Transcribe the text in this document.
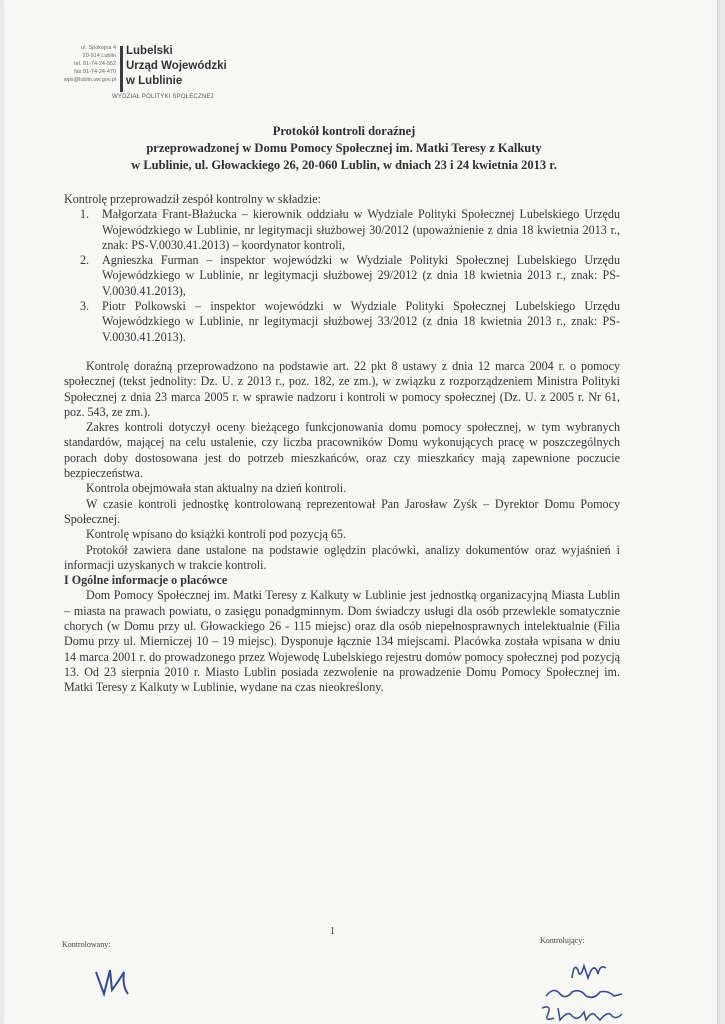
ul. Spokojna 4
20-914 Lublin
tel. 81-74-24-552
fax 81-74-24-470
wps@lublin.uw.gov.pl
Lubelski
Urząd Wojewódzki
w Lublinie
WYDZIAŁ POLITYKI SPOŁECZNEJ
Protokół kontroli doraźnej
przeprowadzonej w Domu Pomocy Społecznej im. Matki Teresy z Kalkuty
w Lublinie, ul. Głowackiego 26, 20-060 Lublin, w dniach 23 i 24 kwietnia 2013 r.

Kontrolę przeprowadził zespół kontrolny w składzie:

1. Małgorzata Frant-Błażucka – kierownik oddziału w Wydziale Polityki Społecznej Lubelskiego Urzędu Wojewódzkiego w Lublinie, nr legitymacji służbowej 30/2012 (upoważnienie z dnia 18 kwietnia 2013 r., znak: PS-V.0030.41.2013) – koordynator kontroli,
2. Agnieszka Furman – inspektor wojewódzki w Wydziale Polityki Społecznej Lubelskiego Urzędu Wojewódzkiego w Lublinie, nr legitymacji służbowej 29/2012 (z dnia 18 kwietnia 2013 r., znak: PS-V.0030.41.2013),
3. Piotr Polkowski – inspektor wojewódzki w Wydziale Polityki Społecznej Lubelskiego Urzędu Wojewódzkiego w Lublinie, nr legitymacji służbowej 33/2012 (z dnia 18 kwietnia 2013 r., znak: PS-V.0030.41.2013).

Kontrolę doraźną przeprowadzono na podstawie art. 22 pkt 8 ustawy z dnia 12 marca 2004 r. o pomocy społecznej (tekst jednolity: Dz. U. z 2013 r., poz. 182, ze zm.), w związku z rozporządzeniem Ministra Polityki Społecznej z dnia 23 marca 2005 r. w sprawie nadzoru i kontroli w pomocy społecznej (Dz. U. z 2005 r. Nr 61, poz. 543, ze zm.).

Zakres kontroli dotyczył oceny bieżącego funkcjonowania domu pomocy społecznej, w tym wybranych standardów, mającej na celu ustalenie, czy liczba pracowników Domu wykonujących pracę w poszczególnych porach doby dostosowana jest do potrzeb mieszkańców, oraz czy mieszkańcy mają zapewnione poczucie bezpieczeństwa.

Kontrola obejmowała stan aktualny na dzień kontroli.

W czasie kontroli jednostkę kontrolowaną reprezentował Pan Jarosław Zyśk – Dyrektor Domu Pomocy Społecznej.

Kontrolę wpisano do książki kontroli pod pozycją 65.

Protokół zawiera dane ustalone na podstawie oględzin placówki, analizy dokumentów oraz wyjaśnień i informacji uzyskanych w trakcie kontroli.

I Ogólne informacje o placówce

Dom Pomocy Społecznej im. Matki Teresy z Kalkuty w Lublinie jest jednostką organizacyjną Miasta Lublin – miasta na prawach powiatu, o zasięgu ponadgminnym. Dom świadczy usługi dla osób przewlekle somatycznie chorych (w Domu przy ul. Głowackiego 26 - 115 miejsc) oraz dla osób niepełnosprawnych intelektualnie (Filia Domu przy ul. Mierniczej 10 – 19 miejsc). Dysponuje łącznie 134 miejscami. Placówka została wpisana w dniu 14 marca 2001 r. do prowadzonego przez Wojewodę Lubelskiego rejestru domów pomocy społecznej pod pozycją 13. Od 23 sierpnia 2010 r. Miasto Lublin posiada zezwolenie na prowadzenie Domu Pomocy Społecznej im. Matki Teresy z Kalkuty w Lublinie, wydane na czas nieokreślony.

1
Kontrolowany:	Kontrolujący:
